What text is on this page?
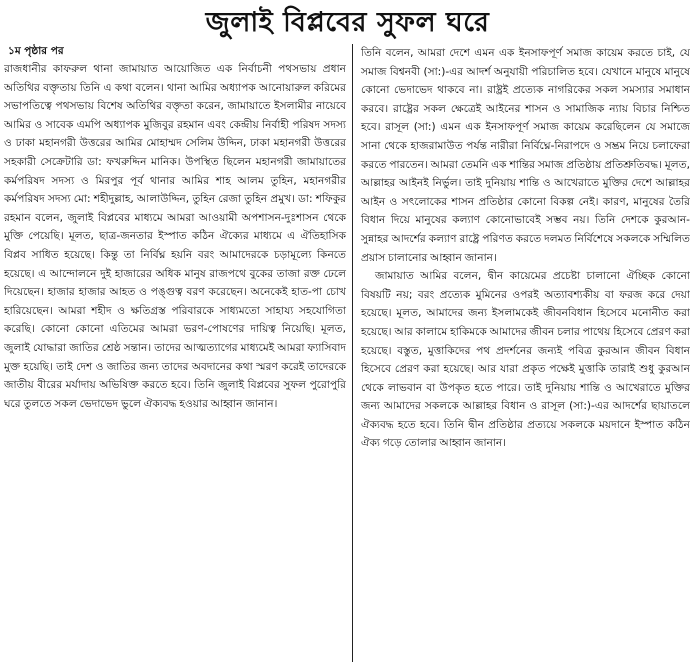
জুলাই বিপ্লবের সুফল ঘরে
১ম পৃষ্ঠার পর

রাজধানীর কাফরুল থানা জামায়াত আয়োজিত এক নির্বাচনী পথসভায় প্রধান অতিথির বক্তৃতায় তিনি এ কথা বলেন। থানা আমির অধ্যাপক আনোয়ারুল করিমের সভাপতিত্বে পথসভায় বিশেষ অতিথির বক্তৃতা করেন, জামায়াতে ইসলামীর নায়েবে আমির ও সাবেক এমপি অধ্যাপক মুজিবুর রহমান এবং কেন্দ্রীয় নির্বাহী পরিষদ সদস্য ও ঢাকা মহানগরী উত্তরের আমির মোহাম্মদ সেলিম উদ্দিন, ঢাকা মহানগরী উত্তরের সহকারী সেক্রেটারি ডা: ফখরুদ্দিন মানিক। উপস্থিত ছিলেন মহানগরী জামায়াতের কর্মপরিষদ সদস্য ও মিরপুর পূর্ব থানার আমির শাহ আলম তুহিন, মহানগরীর কর্মপরিষদ সদস্য মো: শহীদুল্লাহ, আলাউদ্দিন, তুহিন রেজা তুহিন প্রমুখ। ডা: শফিকুর রহমান বলেন, জুলাই বিপ্লবের মাধ্যমে আমরা আওয়ামী অপশাসন-দুঃশাসন থেকে মুক্তি পেয়েছি। মূলত, ছাত্র-জনতার ইস্পাত কঠিন ঐক্যের মাধ্যমে এ ঐতিহাসিক বিপ্লব সাধিত হয়েছে। কিন্তু তা নির্বিঘ্ন হয়নি বরং আমাদেরকে চড়ামূল্যে কিনতে হয়েছে। এ আন্দোলনে দুই হাজারের অধিক মানুষ রাজপথে বুকের তাজা রক্ত ঢেলে দিয়েছেন। হাজার হাজার আহত ও পঙ্গুত্ব বরণ করেছেন। অনেকেই হাত-পা চোখ হারিয়েছেন। আমরা শহীদ ও ক্ষতিগ্রস্ত পরিবারকে সাধ্যমতো সাহায্য সহযোগিতা করেছি। কোনো কোনো এতিমের আমরা ভরণ-পোষণের দায়িত্ব নিয়েছি। মূলত, জুলাই যোদ্ধারা জাতির শ্রেষ্ঠ সন্তান। তাদের আত্মত্যাগের মাধ্যমেই আমরা ফ্যাসিবাদ মুক্ত হয়েছি। তাই দেশ ও জাতির জন্য তাদের অবদানের কথা স্মরণ করেই তাদেরকে জাতীয় বীরের মর্যাদায় অভিষিক্ত করতে হবে। তিনি জুলাই বিপ্লবের সুফল পুরোপুরি ঘরে তুলতে সকল ভেদাভেদ ভুলে ঐক্যবদ্ধ হওয়ার আহ্বান জানান।

তিনি বলেন, আমরা দেশে এমন এক ইনসাফপূর্ণ সমাজ কায়েম করতে চাই, যে সমাজ বিশ্বনবী (সা:)-এর আদর্শ অনুযায়ী পরিচালিত হবে। যেখানে মানুষে মানুষে কোনো ভেদাভেদ থাকবে না। রাষ্ট্রই প্রত্যেক নাগরিকের সকল সমস্যার সমাধান করবে। রাষ্ট্রের সকল ক্ষেত্রেই আইনের শাসন ও সামাজিক ন্যায় বিচার নিশ্চিত হবে। রাসূল (সা:) এমন এক ইনসাফপূর্ণ সমাজ কায়েম করেছিলেন যে সমাজে সানা থেকে হাজরামাউত পর্যন্ত নারীরা নির্বিঘ্নে-নিরাপদে ও সম্ভ্রম নিয়ে চলাফেরা করতে পারতেন। আমরা তেমনি এক শান্তির সমাজ প্রতিষ্ঠায় প্রতিশ্রুতিবদ্ধ। মূলত, আল্লাহর আইনই নির্ভুল। তাই দুনিয়ায় শান্তি ও আখেরাতে মুক্তির দেশে আল্লাহর আইন ও সৎলোকের শাসন প্রতিষ্ঠার কোনো বিকল্প নেই। কারণ, মানুষের তৈরি বিধান দিয়ে মানুষের কল্যাণ কোনোভাবেই সম্ভব নয়। তিনি দেশকে কুরআন-সুন্নাহর আদর্শের কল্যাণ রাষ্ট্রে পরিণত করতে দলমত নির্বিশেষে সকলকে সম্মিলিত প্রয়াস চালানোর আহ্বান জানান।

জামায়াত আমির বলেন, দ্বীন কায়েমের প্রচেষ্টা চালানো ঐচ্ছিক কোনো বিষয়টি নয়; বরং প্রত্যেক মুমিনের ওপরই অত্যাবশ্যকীয় বা ফরজ করে দেয়া হয়েছে। মূলত, আমাদের জন্য ইসলামকেই জীবনবিধান হিসেবে মনোনীত করা হয়েছে। আর কালামে হাকিমকে আমাদের জীবন চলার পাথেয় হিসেবে প্রেরণ করা হয়েছে। বস্তুত, মুত্তাকিদের পথ প্রদর্শনের জন্যই পবিত্র কুরআন জীবন বিধান হিসেবে প্রেরণ করা হয়েছে। আর যারা প্রকৃত পক্ষেই মুত্তাকি তারাই শুধু কুরআন থেকে লাভবান বা উপকৃত হতে পারে। তাই দুনিয়ায় শান্তি ও আখেরাতে মুক্তির জন্য আমাদের সকলকে আল্লাহর বিধান ও রাসূল (সা:)-এর আদর্শের ছায়াতলে ঐক্যবদ্ধ হতে হবে। তিনি দ্বীন প্রতিষ্ঠার প্রত্যয়ে সকলকে ময়দানে ইস্পাত কঠিন ঐক্য গড়ে তোলার আহ্বান জানান।
